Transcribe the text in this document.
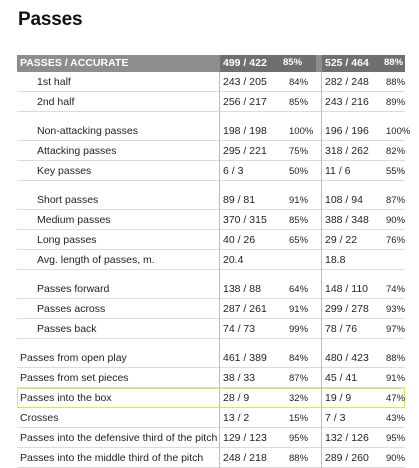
Passes
PASSES / ACCURATE	499 / 422 85% 525 / 464 88%
1st half	243 / 205 84% 282 / 248 88%
2nd half	256 / 217 85% 243 / 216 89%
Non-attacking passes	198 / 198 100% 196 / 196 100%
Attacking passes	295 / 221 75% 318 / 262 82%
Key passes	6 / 3	50% 11 / 6	55%
Short passes	89 / 81	91% 108 / 94 87%
Medium passes	370 / 315 85% 388 / 348 90%
Long passes	40 / 26	65% 29 / 22	76%
Avg. length of passes, m.	20.4	18.8
Passes forward	138 / 88	64% 148 / 110 74%
Passes across	287 / 261 91% 299 / 278 93%
Passes back	74 / 73	99% 78 / 76	97%
Passes from open play	461 / 389 84% 480 / 423 88%
Passes from set pieces	38 / 33	87% 45 / 41	91%
Passes into the box	28 / 9	32% 19 / 9	47%
Crosses	13 / 2	15% 7 / 3	43%
Passes into the defensive third of the pitch 129 / 123 95% 132 / 126 95%
Passes into the middle third of the pitch 248 / 218 88% 289 / 260 90%
